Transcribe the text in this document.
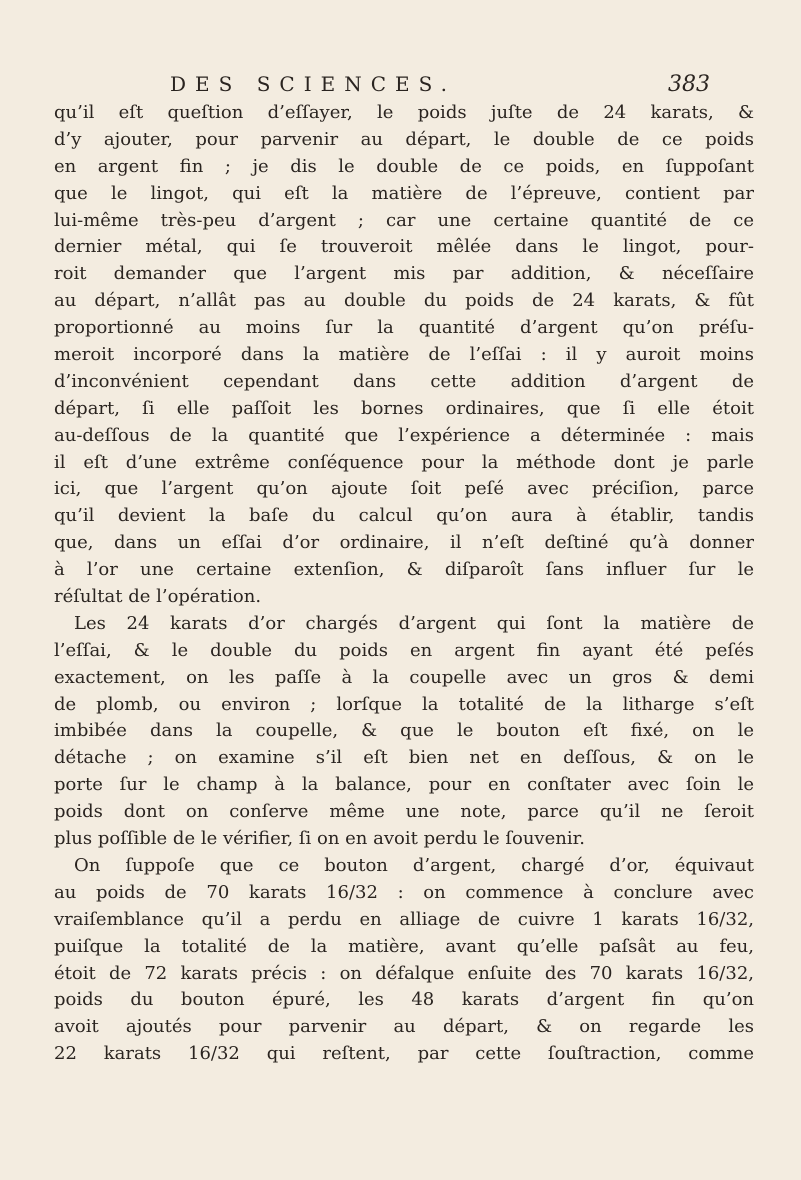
DES SCIENCES.	383
qu’il eſt queſtion d’eſſayer, le poids juſte de 24 karats, &
d’y ajouter, pour parvenir au départ, le double de ce poids
en argent fin ; je dis le double de ce poids, en ſuppoſant
que le lingot, qui eſt la matière de l’épreuve, contient par
lui-même très-peu d’argent ; car une certaine quantité de ce
dernier métal, qui ſe trouveroit mêlée dans le lingot, pour-
roit demander que l’argent mis par addition, & néceſſaire
au départ, n’allât pas au double du poids de 24 karats, & fût
proportionné au moins ſur la quantité d’argent qu’on préſu-
meroit incorporé dans la matière de l’eſſai : il y auroit moins
d’inconvénient cependant dans cette addition d’argent de
départ, ſi elle paſſoit les bornes ordinaires, que ſi elle étoit
au-deſſous de la quantité que l’expérience a déterminée : mais
il eſt d’une extrême conſéquence pour la méthode dont je parle
ici, que l’argent qu’on ajoute ſoit peſé avec préciſion, parce
qu’il devient la baſe du calcul qu’on aura à établir, tandis
que, dans un eſſai d’or ordinaire, il n’eſt deſtiné qu’à donner
à l’or une certaine extenſion, & diſparoît ſans influer ſur le
réſultat de l’opération.
Les 24 karats d’or chargés d’argent qui ſont la matière de
l’eſſai, & le double du poids en argent fin ayant été peſés
exactement, on les paſſe à la coupelle avec un gros & demi
de plomb, ou environ ; lorſque la totalité de la litharge s’eſt
imbibée dans la coupelle, & que le bouton eſt fixé, on le
détache ; on examine s’il eſt bien net en deſſous, & on le
porte ſur le champ à la balance, pour en conſtater avec ſoin le
poids dont on conſerve même une note, parce qu’il ne ſeroit
plus poſſible de le vérifier, ſi on en avoit perdu le ſouvenir.
On ſuppoſe que ce bouton d’argent, chargé d’or, équivaut
au poids de 70 karats 16/32 : on commence à conclure avec
vraiſemblance qu’il a perdu en alliage de cuivre 1 karats 16/32,
puiſque la totalité de la matière, avant qu’elle paſsât au feu,
étoit de 72 karats précis : on défalque enſuite des 70 karats 16/32,
poids du bouton épuré, les 48 karats d’argent fin qu’on
avoit ajoutés pour parvenir au départ, & on regarde les
22 karats 16/32 qui reſtent, par cette ſouſtraction, comme
